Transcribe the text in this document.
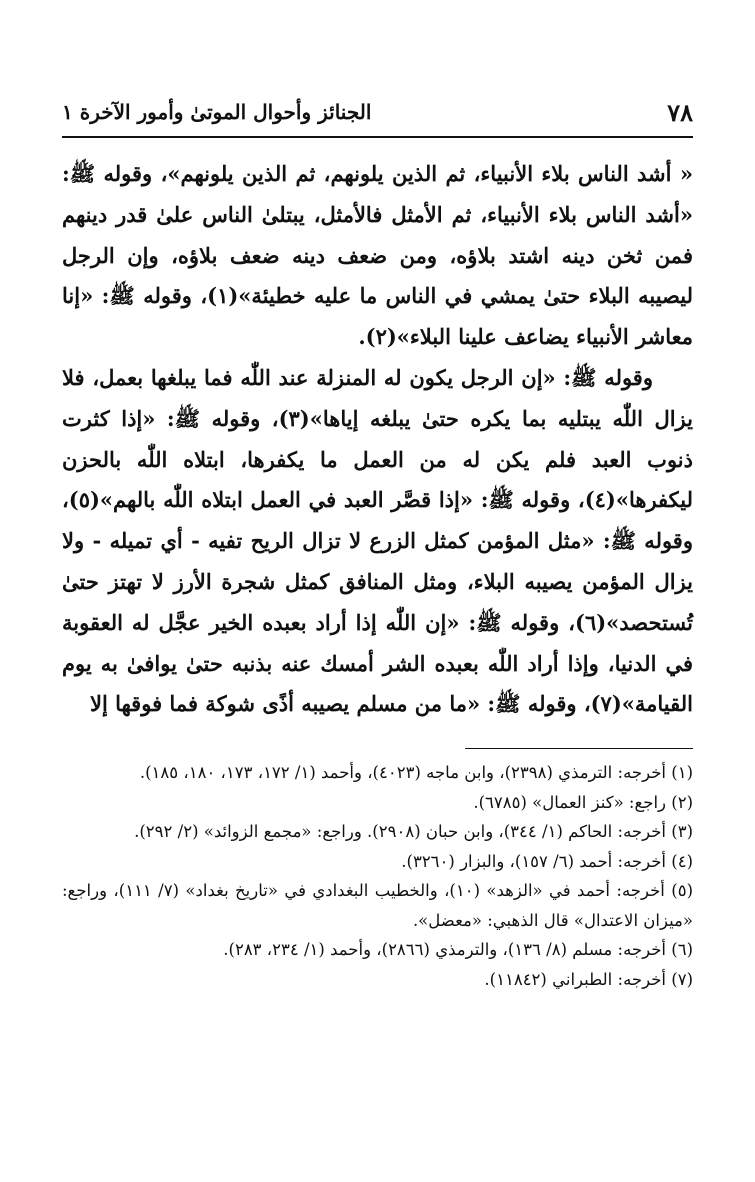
٧٨
الجنائز وأحوال الموتىٰ وأمور الآخرة ١

« أشد الناس بلاء الأنبياء، ثم الذين يلونهم، ثم الذين يلونهم»، وقوله ﷺ: «أشد الناس بلاء الأنبياء، ثم الأمثل فالأمثل، يبتلىٰ الناس علىٰ قدر دينهم فمن ثخن دينه اشتد بلاؤه، ومن ضعف دينه ضعف بلاؤه، وإن الرجل ليصيبه البلاء حتىٰ يمشي في الناس ما عليه خطيئة»(١)، وقوله ﷺ: «إنا معاشر الأنبياء يضاعف علينا البلاء»(٢).

وقوله ﷺ: «إن الرجل يكون له المنزلة عند اللّٰه فما يبلغها بعمل، فلا يزال اللّٰه يبتليه بما يكره حتىٰ يبلغه إياها»(٣)، وقوله ﷺ: «إذا كثرت ذنوب العبد فلم يكن له من العمل ما يكفرها، ابتلاه اللّٰه بالحزن ليكفرها»(٤)، وقوله ﷺ: «إذا قصَّر العبد في العمل ابتلاه اللّٰه بالهم»(٥)، وقوله ﷺ: «مثل المؤمن كمثل الزرع لا تزال الريح تفيه - أي تميله - ولا يزال المؤمن يصيبه البلاء، ومثل المنافق كمثل شجرة الأرز لا تهتز حتىٰ تُستحصد»(٦)، وقوله ﷺ: «إن اللّٰه إذا أراد بعبده الخير عجَّل له العقوبة في الدنيا، وإذا أراد اللّٰه بعبده الشر أمسك عنه بذنبه حتىٰ يوافىٰ به يوم القيامة»(٧)، وقوله ﷺ: «ما من مسلم يصيبه أذًى شوكة فما فوقها إلا

(١) أخرجه: الترمذي (٢٣٩٨)، وابن ماجه (٤٠٢٣)، وأحمد (١/ ١٧٢، ١٧٣، ١٨٠، ١٨٥).

(٢) راجع: «كنز العمال» (٦٧٨٥).

(٣) أخرجه: الحاكم (١/ ٣٤٤)، وابن حبان (٢٩٠٨). وراجع: «مجمع الزوائد» (٢/ ٢٩٢).

(٤) أخرجه: أحمد (٦/ ١٥٧)، والبزار (٣٢٦٠).

(٥) أخرجه: أحمد في «الزهد» (١٠)، والخطيب البغدادي في «تاريخ بغداد» (٧/ ١١١)، وراجع: «ميزان الاعتدال» قال الذهبي: «معضل».

(٦) أخرجه: مسلم (٨/ ١٣٦)، والترمذي (٢٨٦٦)، وأحمد (١/ ٢٣٤، ٢٨٣).

(٧) أخرجه: الطبراني (١١٨٤٢).
